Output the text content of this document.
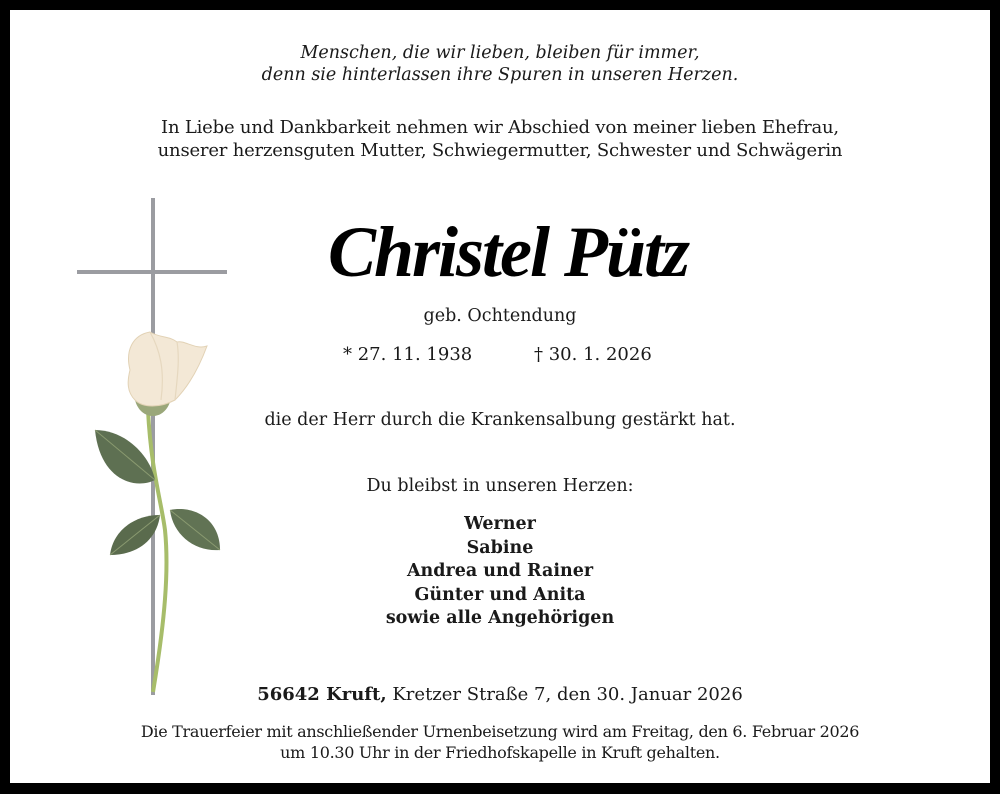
Menschen, die wir lieben, bleiben für immer,
denn sie hinterlassen ihre Spuren in unseren Herzen.
In Liebe und Dankbarkeit nehmen wir Abschied von meiner lieben Ehefrau,
unserer herzensguten Mutter, Schwiegermutter, Schwester und Schwägerin
Christel Pütz
geb. Ochtendung
* 27. 11. 1938	† 30. 1. 2026
die der Herr durch die Krankensalbung gestärkt hat.
Du bleibst in unseren Herzen:
Werner
Sabine
Andrea und Rainer
Günter und Anita
sowie alle Angehörigen
56642 Kruft, Kretzer Straße 7, den 30. Januar 2026
Die Trauerfeier mit anschließender Urnenbeisetzung wird am Freitag, den 6. Februar 2026
um 10.30 Uhr in der Friedhofskapelle in Kruft gehalten.
